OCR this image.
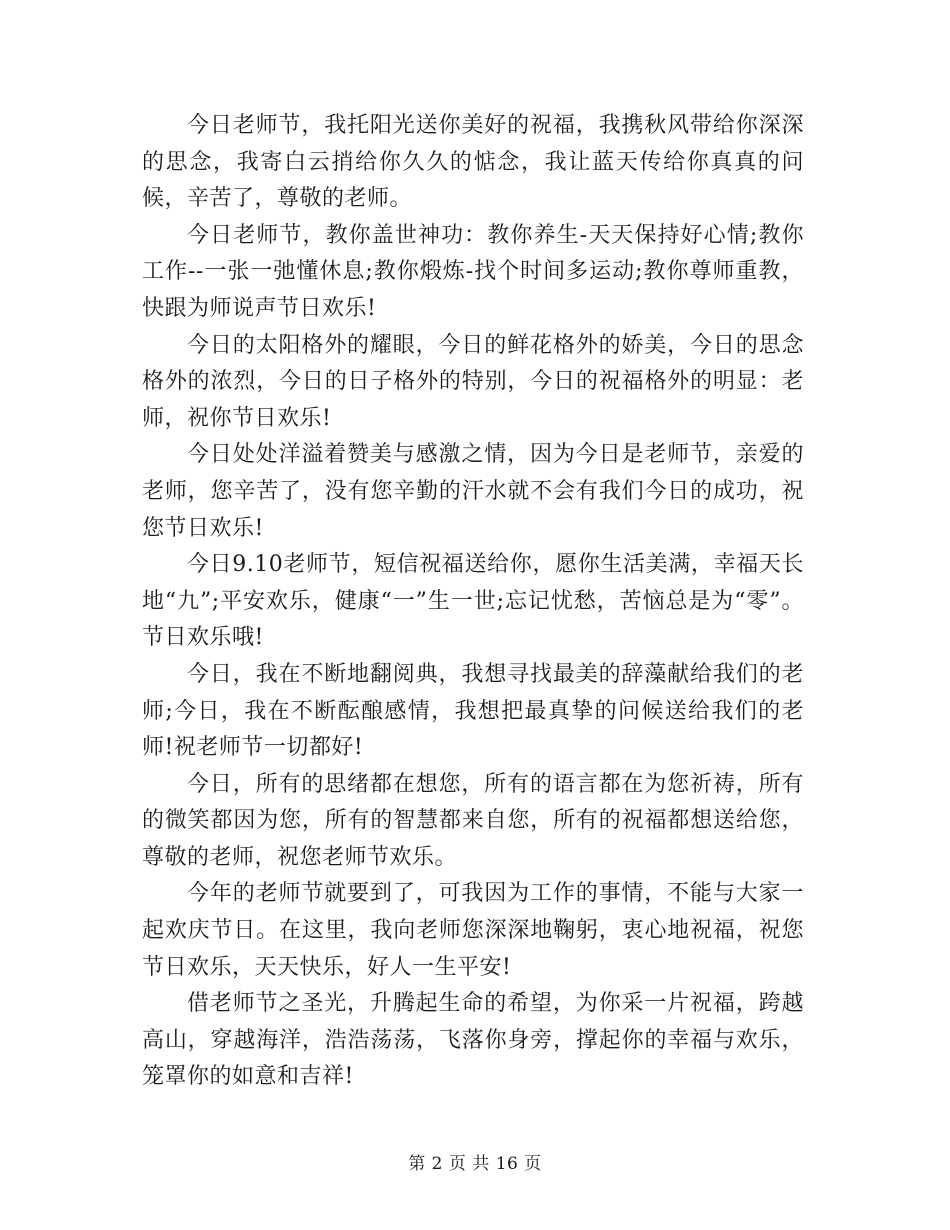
今日老师节，我托阳光送你美好的祝福，我携秋风带给你深深的思念，我寄白云捎给你久久的惦念，我让蓝天传给你真真的问候，辛苦了，尊敬的老师。

今日老师节，教你盖世神功：教你养生-天天保持好心情;教你工作--一张一弛懂休息;教你煅炼-找个时间多运动;教你尊师重教，快跟为师说声节日欢乐!

今日的太阳格外的耀眼，今日的鲜花格外的娇美，今日的思念格外的浓烈，今日的日子格外的特别，今日的祝福格外的明显：老师，祝你节日欢乐!

今日处处洋溢着赞美与感激之情，因为今日是老师节，亲爱的老师，您辛苦了，没有您辛勤的汗水就不会有我们今日的成功，祝您节日欢乐!

今日9.10老师节，短信祝福送给你，愿你生活美满，幸福天长地“九”;平安欢乐，健康“一”生一世;忘记忧愁，苦恼总是为“零”。节日欢乐哦!

今日，我在不断地翻阅典，我想寻找最美的辞藻献给我们的老师;今日，我在不断酝酿感情，我想把最真挚的问候送给我们的老师!祝老师节一切都好!

今日，所有的思绪都在想您，所有的语言都在为您祈祷，所有的微笑都因为您，所有的智慧都来自您，所有的祝福都想送给您，尊敬的老师，祝您老师节欢乐。

今年的老师节就要到了，可我因为工作的事情，不能与大家一起欢庆节日。在这里，我向老师您深深地鞠躬，衷心地祝福，祝您节日欢乐，天天快乐，好人一生平安!

借老师节之圣光，升腾起生命的希望，为你采一片祝福，跨越高山，穿越海洋，浩浩荡荡，飞落你身旁，撑起你的幸福与欢乐，笼罩你的如意和吉祥!

第 2 页 共 16 页
